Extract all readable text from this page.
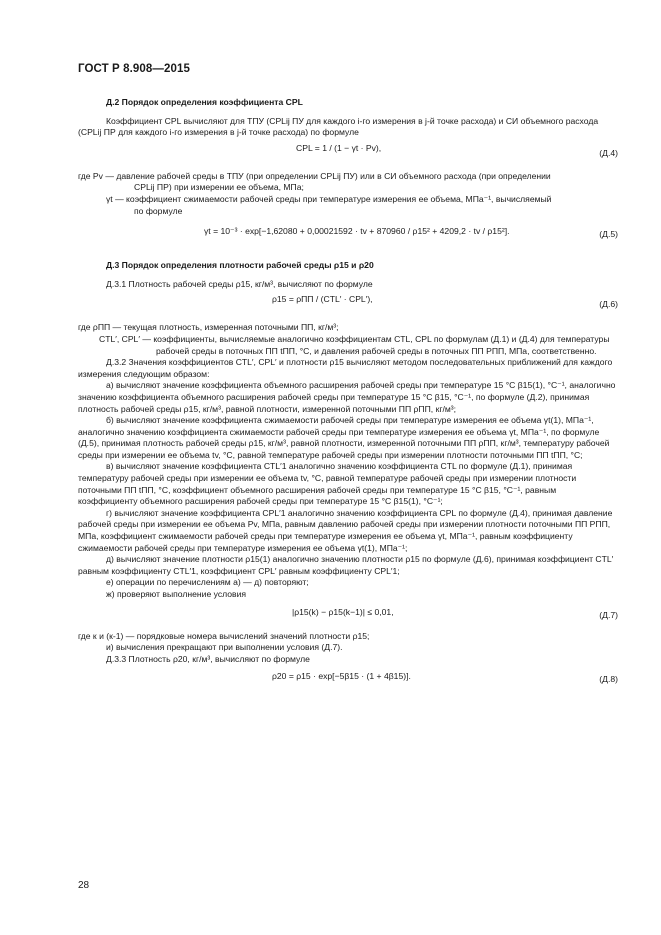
ГОСТ Р 8.908—2015

Д.2 Порядок определения коэффициента CPL

Коэффициент CPL вычисляют для ТПУ (CPLij ПУ для каждого i-го измерения в j-й точке расхода) и СИ объемного расхода (CPLij ПР для каждого i-го измерения в j-й точке расхода) по формуле

CPL = 1 / (1 − γt · Pv),	(Д.4)

где Pv — давление рабочей среды в ТПУ (при определении CPLij ПУ) или в СИ объемного расхода (при определении

CPLij ПР) при измерении ее объема, МПа;

γt — коэффициент сжимаемости рабочей среды при температуре измерения ее объема, МПа⁻¹, вычисляемый

по формуле

γt = 10⁻³ · exp[−1,62080 + 0,00021592 · tv + 870960 / ρ15² + 4209,2 · tv / ρ15²].	(Д.5)

Д.3 Порядок определения плотности рабочей среды ρ15 и ρ20

Д.3.1 Плотность рабочей среды ρ15, кг/м³, вычисляют по формуле

ρ15 = ρПП / (CTL′ · CPL′),	(Д.6)

где ρПП — текущая плотность, измеренная поточными ПП, кг/м³;

CTL′, CPL′ — коэффициенты, вычисляемые аналогично коэффициентам CTL, CPL по формулам (Д.1) и (Д.4) для температуры рабочей среды в поточных ПП tПП, °С, и давления рабочей среды в поточных ПП PПП, МПа, соответственно.

Д.3.2 Значения коэффициентов CTL′, CPL′ и плотности ρ15 вычисляют методом последовательных приближений для каждого измерения следующим образом:

а) вычисляют значение коэффициента объемного расширения рабочей среды при температуре 15 °С β15(1), °С⁻¹, аналогично значению коэффициента объемного расширения рабочей среды при температуре 15 °С β15, °С⁻¹, по формуле (Д.2), принимая плотность рабочей среды ρ15, кг/м³, равной плотности, измеренной поточными ПП ρПП, кг/м³;

б) вычисляют значение коэффициента сжимаемости рабочей среды при температуре измерения ее объема γt(1), МПа⁻¹, аналогично значению коэффициента сжимаемости рабочей среды при температуре измерения ее объема γt, МПа⁻¹, по формуле (Д.5), принимая плотность рабочей среды ρ15, кг/м³, равной плотности, измеренной поточными ПП ρПП, кг/м³, температуру рабочей среды при измерении ее объема tv, °С, равной температуре рабочей среды при измерении плотности поточными ПП tПП, °С;

в) вычисляют значение коэффициента CTL′1 аналогично значению коэффициента CTL по формуле (Д.1), принимая температуру рабочей среды при измерении ее объема tv, °С, равной температуре рабочей среды при измерении плотности поточными ПП tПП, °С, коэффициент объемного расширения рабочей среды при температуре 15 °С β15, °С⁻¹, равным коэффициенту объемного расширения рабочей среды при температуре 15 °С β15(1), °С⁻¹;

г) вычисляют значение коэффициента CPL′1 аналогично значению коэффициента CPL по формуле (Д.4), принимая давление рабочей среды при измерении ее объема Pv, МПа, равным давлению рабочей среды при измерении плотности поточными ПП PПП, МПа, коэффициент сжимаемости рабочей среды при температуре измерения ее объема γt, МПа⁻¹, равным коэффициенту сжимаемости рабочей среды при температуре измерения ее объема γt(1), МПа⁻¹;

д) вычисляют значение плотности ρ15(1) аналогично значению плотности ρ15 по формуле (Д.6), принимая коэффициент CTL′ равным коэффициенту CTL′1, коэффициент CPL′ равным коэффициенту CPL′1;

е) операции по перечислениям а) — д) повторяют;

ж) проверяют выполнение условия

|ρ15(k) − ρ15(k−1)| ≤ 0,01,	(Д.7)

где к и (к-1) — порядковые номера вычислений значений плотности ρ15;

и) вычисления прекращают при выполнении условия (Д.7).

Д.3.3 Плотность ρ20, кг/м³, вычисляют по формуле

ρ20 = ρ15 · exp[−5β15 · (1 + 4β15)].	(Д.8)
28
